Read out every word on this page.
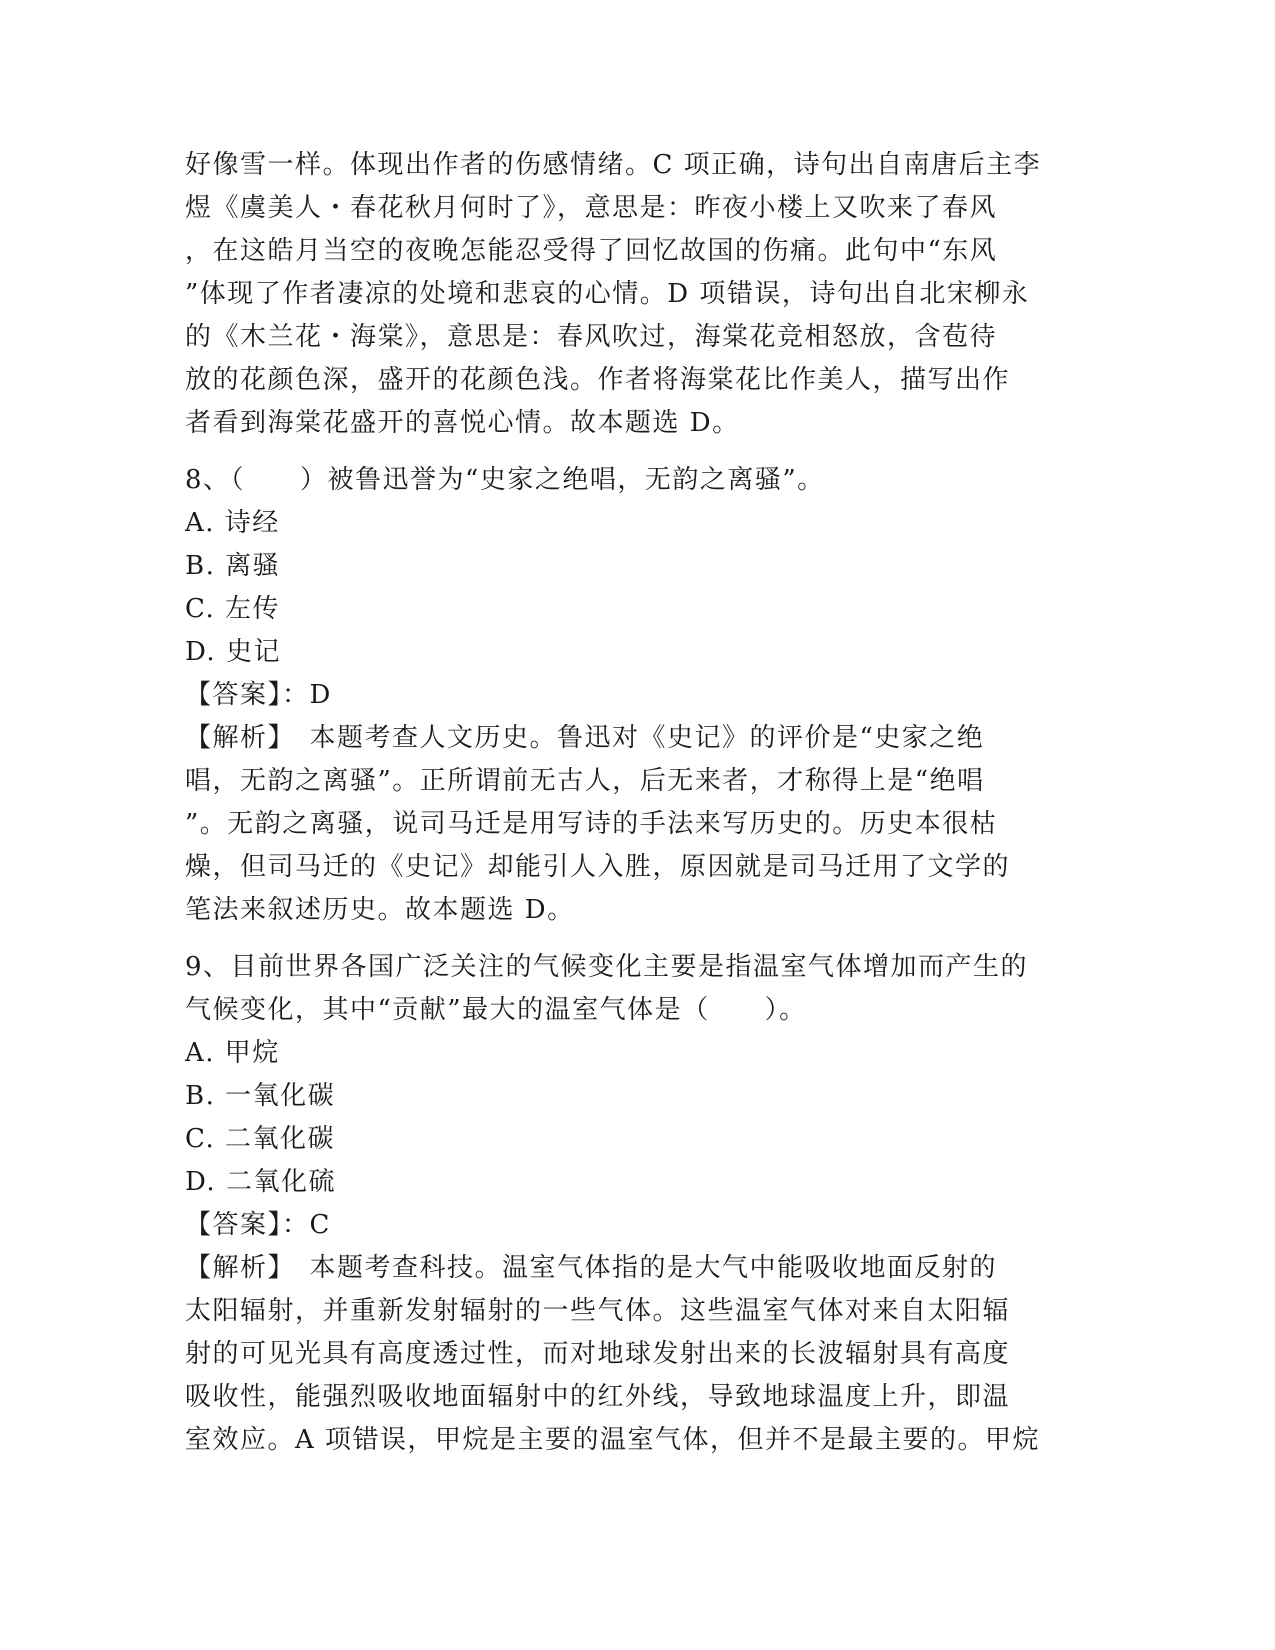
好像雪一样。体现出作者的伤感情绪。C 项正确，诗句出自南唐后主李
煜《虞美人・春花秋月何时了》，意思是：昨夜小楼上又吹来了春风
，在这皓月当空的夜晚怎能忍受得了回忆故国的伤痛。此句中“东风
”体现了作者凄凉的处境和悲哀的心情。D 项错误，诗句出自北宋柳永
的《木兰花・海棠》，意思是：春风吹过，海棠花竞相怒放，含苞待
放的花颜色深，盛开的花颜色浅。作者将海棠花比作美人，描写出作
者看到海棠花盛开的喜悦心情。故本题选 D。
8、（　　）被鲁迅誉为“史家之绝唱，无韵之离骚”。
A. 诗经
B. 离骚
C. 左传
D. 史记
【答案】：D
【解析】　本题考查人文历史。鲁迅对《史记》的评价是“史家之绝
唱，无韵之离骚”。正所谓前无古人，后无来者，才称得上是“绝唱
”。无韵之离骚，说司马迁是用写诗的手法来写历史的。历史本很枯
燥，但司马迁的《史记》却能引人入胜，原因就是司马迁用了文学的
笔法来叙述历史。故本题选 D。
9、目前世界各国广泛关注的气候变化主要是指温室气体增加而产生的
气候变化，其中“贡献”最大的温室气体是（　　）。
A. 甲烷
B. 一氧化碳
C. 二氧化碳
D. 二氧化硫
【答案】：C
【解析】　本题考查科技。温室气体指的是大气中能吸收地面反射的
太阳辐射，并重新发射辐射的一些气体。这些温室气体对来自太阳辐
射的可见光具有高度透过性，而对地球发射出来的长波辐射具有高度
吸收性，能强烈吸收地面辐射中的红外线，导致地球温度上升，即温
室效应。A 项错误，甲烷是主要的温室气体，但并不是最主要的。甲烷
